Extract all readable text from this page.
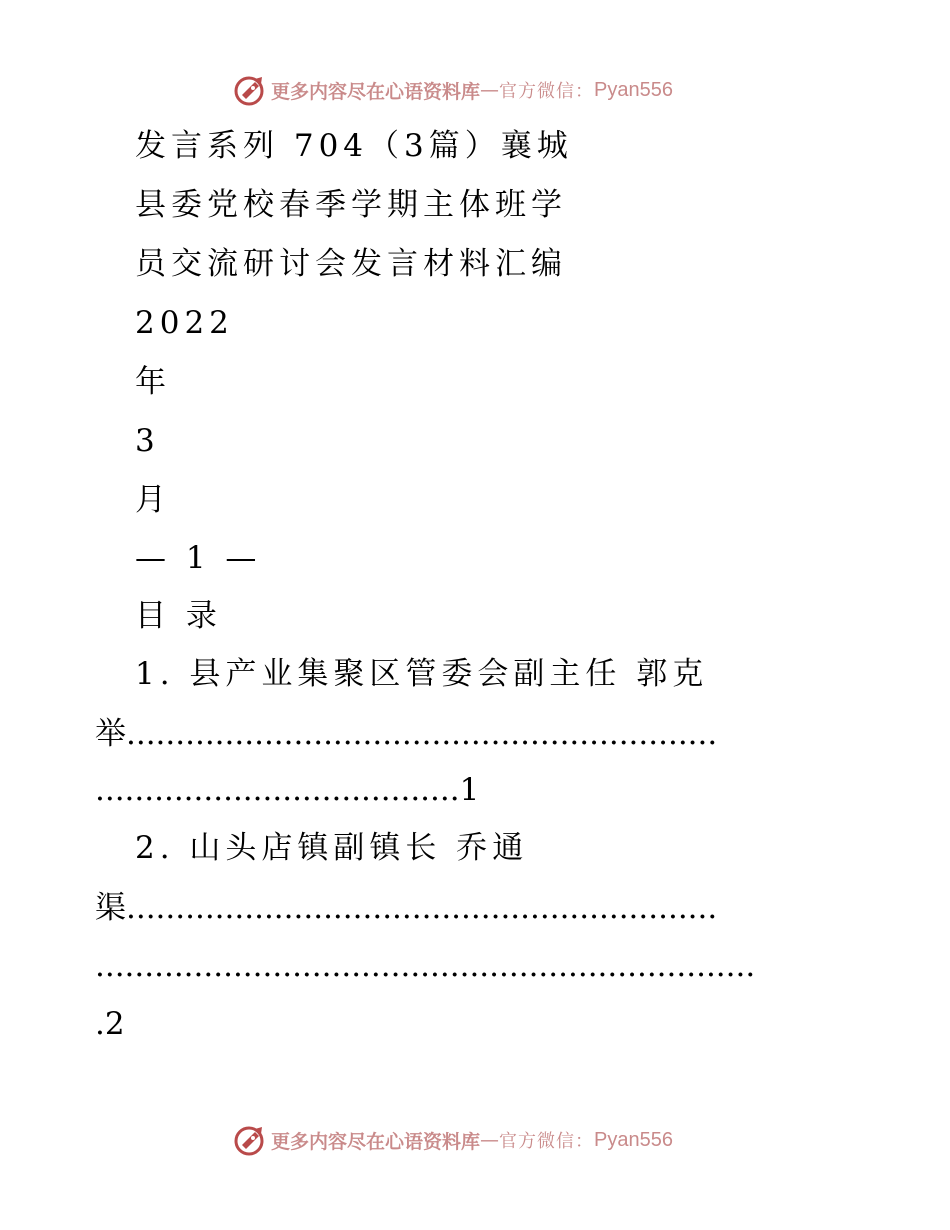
更多内容尽在心语资料库 — 官方微信： Pyan556
发言系列 704（3篇）襄城
县委党校春季学期主体班学
员交流研讨会发言材料汇编
2022
年
3
月
— 1 —
目 录
1. 县产业集聚区管委会副主任 郭克
举............................................................
.....................................1
2. 山头店镇副镇长 乔通
渠............................................................
...................................................................
.2
更多内容尽在心语资料库 — 官方微信： Pyan556
